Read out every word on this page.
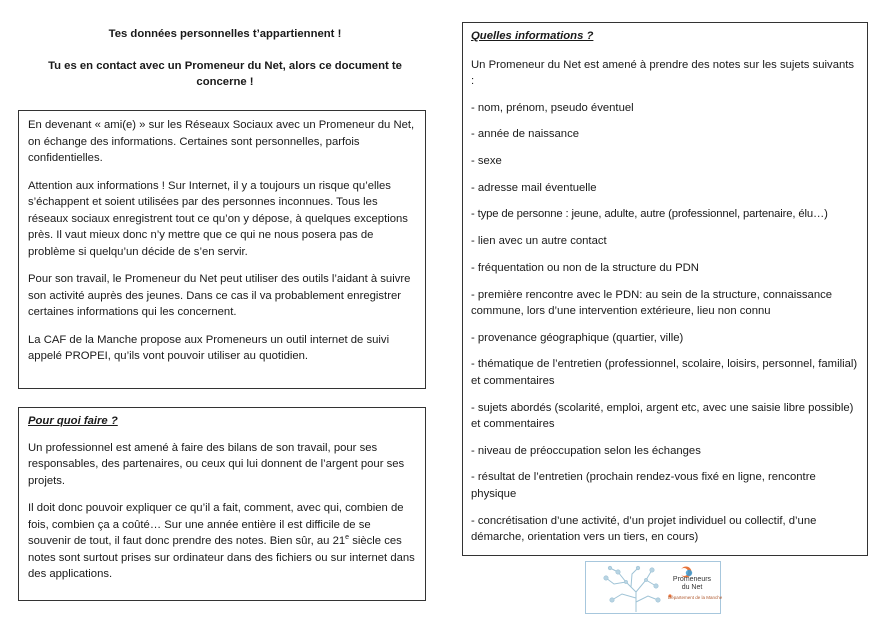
Tes données personnelles t’appartiennent !

Tu es en contact avec un Promeneur du Net, alors ce document te concerne !

En devenant « ami(e) » sur les Réseaux Sociaux avec un Promeneur du Net, on échange des informations. Certaines sont personnelles, parfois confidentielles.

Attention aux informations ! Sur Internet, il y a toujours un risque qu’elles s’échappent et soient utilisées par des personnes inconnues. Tous les réseaux sociaux enregistrent tout ce qu’on y dépose, à quelques exceptions près. Il vaut mieux donc n’y mettre que ce qui ne nous posera pas de problème si quelqu’un décide de s’en servir.

Pour son travail, le Promeneur du Net peut utiliser des outils l’aidant à suivre son activité auprès des jeunes. Dans ce cas il va probablement enregistrer certaines informations qui les concernent.

La CAF de la Manche propose aux Promeneurs un outil internet de suivi appelé PROPEI, qu’ils vont pouvoir utiliser au quotidien.

Pour quoi faire ?

Un professionnel est amené à faire des bilans de son travail, pour ses responsables, des partenaires, ou ceux qui lui donnent de l’argent pour ses projets.

Il doit donc pouvoir expliquer ce qu’il a fait, comment, avec qui, combien de fois, combien ça a coûté… Sur une année entière il est difficile de se souvenir de tout, il faut donc prendre des notes. Bien sûr, au 21e siècle ces notes sont surtout prises sur ordinateur dans des fichiers ou sur internet dans des applications.

Quelles informations ?

Un Promeneur du Net est amené à prendre des notes sur les sujets suivants :

- nom, prénom, pseudo éventuel

- année de naissance

- sexe

- adresse mail éventuelle

- type de personne : jeune, adulte, autre (professionnel, partenaire, élu…)

- lien avec un autre contact

- fréquentation ou non de la structure du PDN

- première rencontre avec le PDN: au sein de la structure, connaissance commune, lors d’une intervention extérieure, lieu non connu

- provenance géographique (quartier, ville)

- thématique de l’entretien (professionnel, scolaire, loisirs, personnel, familial) et commentaires

- sujets abordés (scolarité, emploi, argent etc, avec une saisie libre possible) et commentaires

- niveau de préoccupation selon les échanges

- résultat de l’entretien (prochain rendez-vous fixé en ligne, rencontre physique

- concrétisation d’une activité, d’un projet individuel ou collectif, d’une démarche, orientation vers un tiers, en cours)

Promeneurs
du Net
Département de la Manche
